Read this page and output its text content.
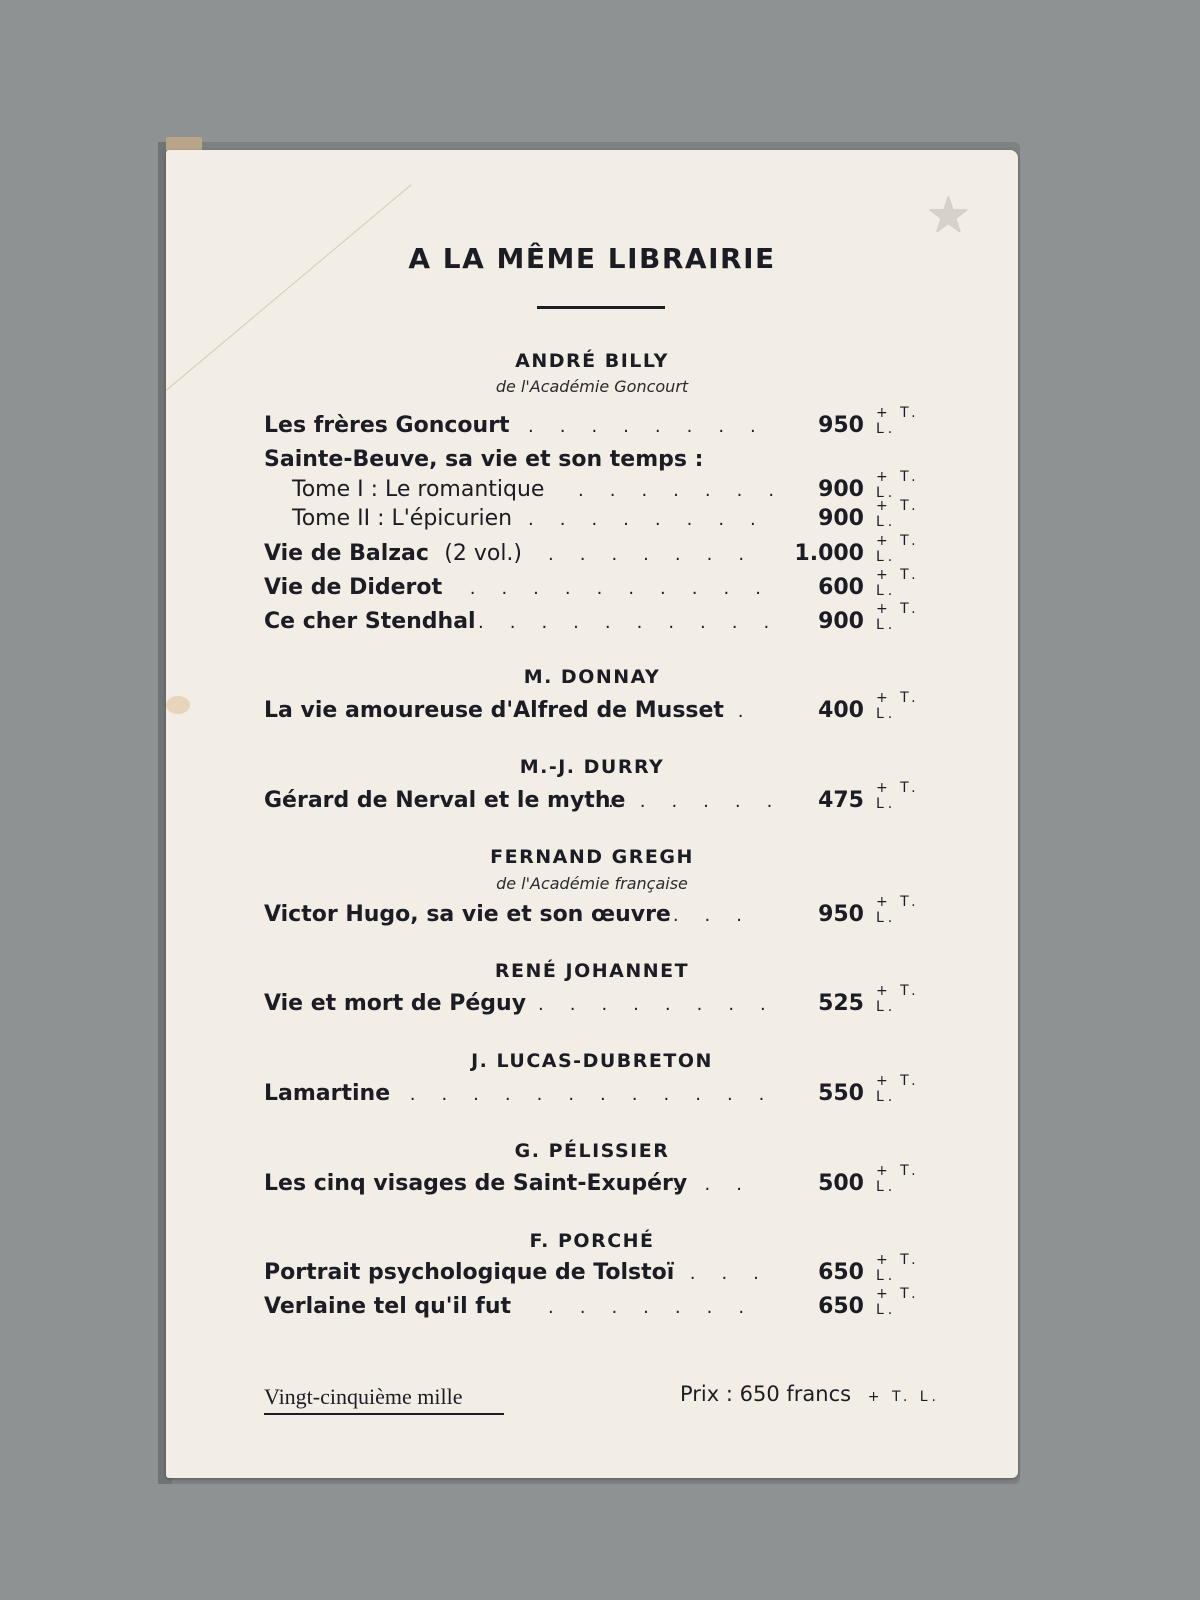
★
A LA MÊME LIBRAIRIE
ANDRÉ BILLY
de l'Académie Goncourt
Les frères Goncourt ........ 950 + T. L.
Sainte-Beuve, sa vie et son temps :
Tome I : Le romantique ....... 900 + T. L.
Tome II : L'épicurien ........ 900 + T. L.
Vie de Balzac (2 vol.) ....... 1.000 + T. L.
Vie de Diderot
........... 600 + T. L.
Ce cher Stendhal .......... 900 + T. L.
M. DONNAY
La vie amoureuse d'Alfred de Musset
.. 400 + T. L.
M.-J. DURRY
Gérard de Nerval et le mythe
...... 475 + T. L.
FERNAND GREGH
de l'Académie française
Victor Hugo, sa vie et son œuvre ... 950 + T. L.
RENÉ JOHANNET
Vie et mort de Péguy ........ 525 + T. L.
J. LUCAS-DUBRETON
Lamartine
............. 550 + T. L.
G. PÉLISSIER
Les cinq visages de Saint-Exupéry
... 500 + T. L.
F. PORCHÉ
Portrait psychologique de Tolstoï
.... 650 + T. L.
Verlaine tel qu'il fut ....... 650 + T. L.
Vingt-cinquième mille	Prix : 650 francs + T. L.
